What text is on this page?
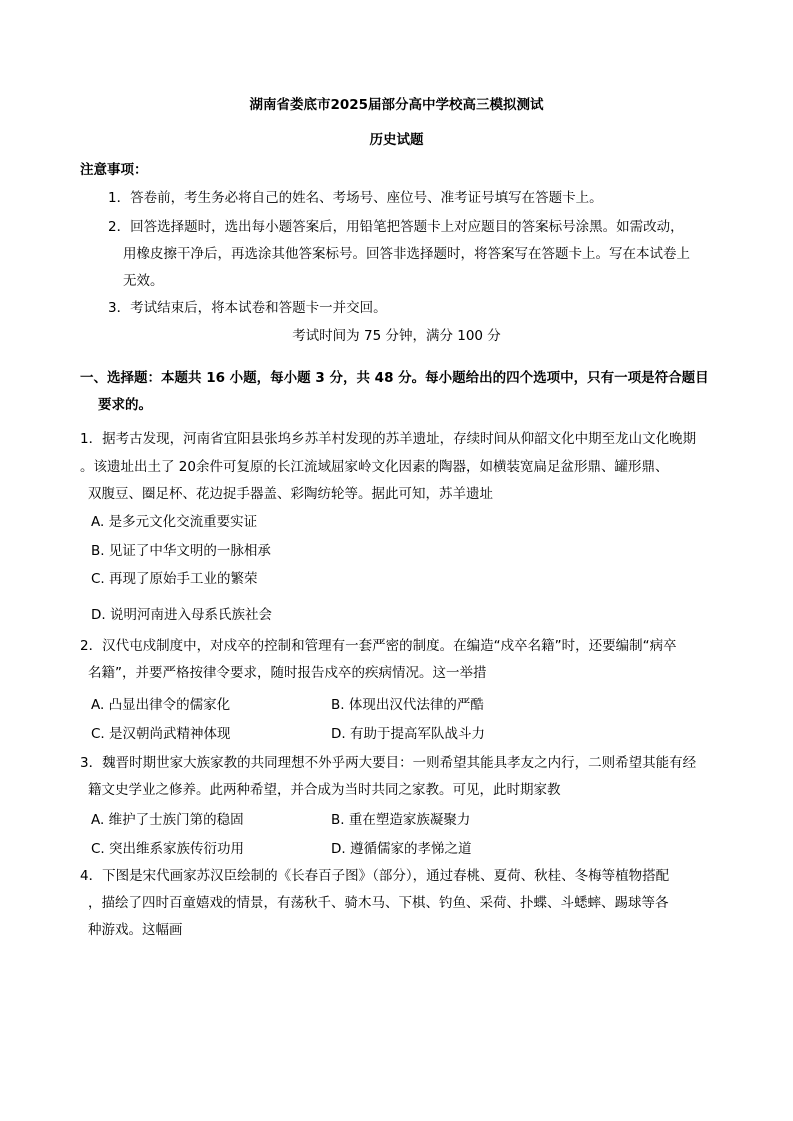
湖南省娄底市2025届部分高中学校高三模拟测试
历史试题
注意事项：
1．答卷前，考生务必将自己的姓名、考场号、座位号、准考证号填写在答题卡上。
2．回答选择题时，选出每小题答案后，用铅笔把答题卡上对应题目的答案标号涂黑。如需改动，
用橡皮擦干净后，再选涂其他答案标号。回答非选择题时，将答案写在答题卡上。写在本试卷上
无效。
3．考试结束后，将本试卷和答题卡一并交回。
考试时间为 75 分钟，满分 100 分
一、选择题：本题共 16 小题，每小题 3 分，共 48 分。每小题给出的四个选项中，只有一项是符合题目
要求的。
1．据考古发现，河南省宜阳县张坞乡苏羊村发现的苏羊遗址，存续时间从仰韶文化中期至龙山文化晚期
。该遗址出土了 20余件可复原的长江流域屈家岭文化因素的陶器，如横装宽扁足盆形鼎、罐形鼎、
双腹豆、圈足杯、花边捉手器盖、彩陶纺轮等。据此可知，苏羊遗址
A. 是多元文化交流重要实证
B. 见证了中华文明的一脉相承
C. 再现了原始手工业的繁荣
D. 说明河南进入母系氏族社会
2．汉代屯戍制度中，对戍卒的控制和管理有一套严密的制度。在编造“戍卒名籍”时，还要编制“病卒
名籍”，并要严格按律令要求，随时报告戍卒的疾病情况。这一举措
A. 凸显出律令的儒家化	B. 体现出汉代法律的严酷
C. 是汉朝尚武精神体现	D. 有助于提高军队战斗力
3．魏晋时期世家大族家教的共同理想不外乎两大要目：一则希望其能具孝友之内行，二则希望其能有经
籍文史学业之修养。此两种希望，并合成为当时共同之家教。可见，此时期家教
A. 维护了士族门第的稳固	B. 重在塑造家族凝聚力
C. 突出维系家族传衍功用	D. 遵循儒家的孝悌之道
4．下图是宋代画家苏汉臣绘制的《长春百子图》（部分），通过春桃、夏荷、秋桂、冬梅等植物搭配
，描绘了四时百童嬉戏的情景，有荡秋千、骑木马、下棋、钓鱼、采荷、扑蝶、斗蟋蟀、踢球等各
种游戏。这幅画
